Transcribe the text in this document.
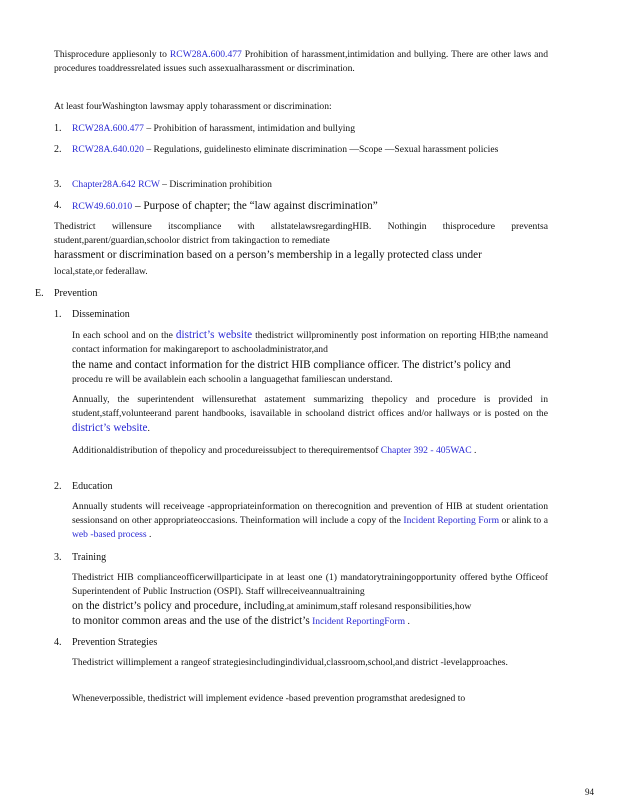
Thisprocedure appliesonly to RCW28A.600.477 Prohibition of harassment,intimidation and bullying. There are other laws and procedures toaddressrelated issues such assexualharassment or discrimination.

At least fourWashington lawsmay apply toharassment or discrimination:

1. RCW28A.600.477 – Prohibition of harassment, intimidation and bullying

2. RCW28A.640.020 – Regulations, guidelinesto eliminate discrimination —Scope —Sexual harassment policies

3. Chapter28A.642 RCW – Discrimination prohibition

4. RCW49.60.010 – Purpose of chapter; the “law against discrimination”

Thedistrict willensure itscompliance with allstatelawsregardingHIB. Nothingin thisprocedure preventsa student,parent/guardian,schoolor district from takingaction to remediate

harassment or discrimination based on a person’s membership in a legally protected class under

local,state,or federallaw.

E. Prevention
1. Dissemination

In each school and on the district’s website thedistrict willprominently post information on reporting HIB;the nameand contact information for makingareport to aschooladministrator,and

the name and contact information for the district HIB compliance officer. The district’s policy and

procedu re will be availablein each schoolin a languagethat familiescan understand.

Annually, the superintendent willensurethat astatement summarizing thepolicy and procedure is provided in student,staff,volunteerand parent handbooks, isavailable in schooland district offices and/or hallways or is posted on the district’s website.

Additionaldistribution of thepolicy and procedureissubject to therequirementsof Chapter 392 - 405WAC .

2. Education

Annually students will receiveage -appropriateinformation on therecognition and prevention of HIB at student orientation sessionsand on other appropriateoccasions. Theinformation will include a copy of the Incident Reporting Form or alink to a web -based process .

3. Training

Thedistrict HIB complianceofficerwillparticipate in at least one (1) mandatorytrainingopportunity offered bythe Officeof Superintendent of Public Instruction (OSPI). Staff willreceiveannualtraining

on the district’s policy and procedure, including,at aminimum,staff rolesand responsibilities,how

to monitor common areas and the use of the district’s Incident ReportingForm .

4. Prevention Strategies

Thedistrict willimplement a rangeof strategiesincludingindividual,classroom,school,and district -levelapproaches.

Wheneverpossible, thedistrict will implement evidence -based prevention programsthat aredesigned to

94
